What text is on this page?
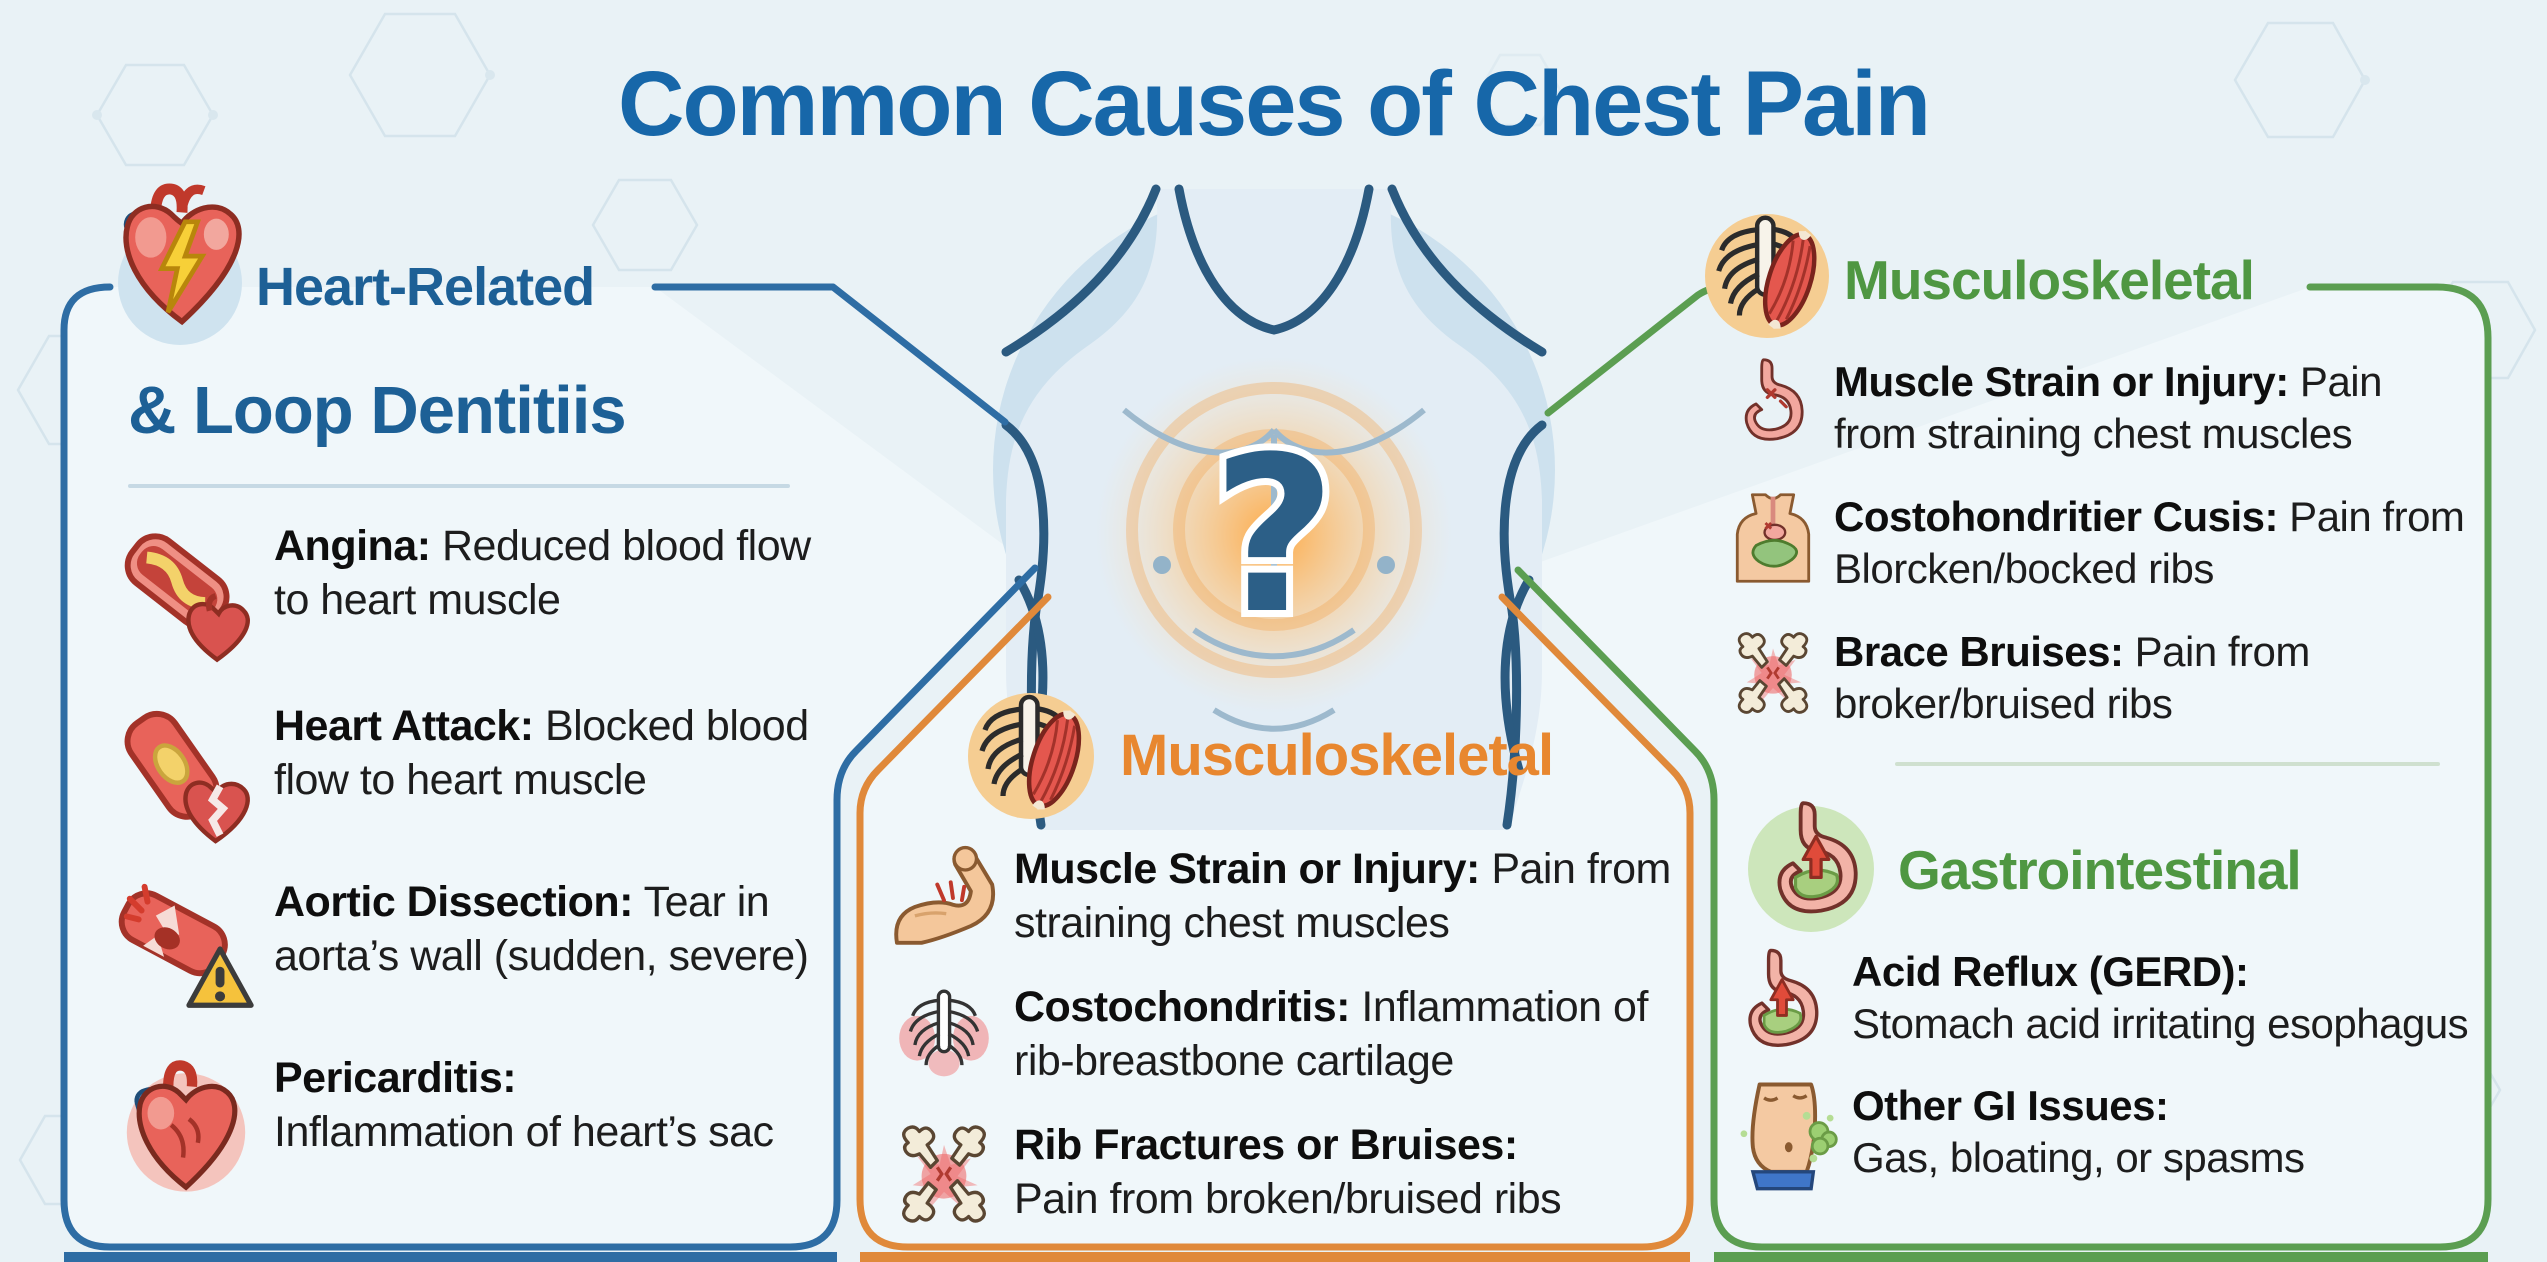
?
Common Causes of Chest Pain
Heart-Related
& Loop Dentitiis
Angina: Reduced blood flow to heart muscle
Heart Attack: Blocked blood flow to heart muscle
Aortic Dissection: Tear in aorta’s wall (sudden, severe)
Pericarditis:
Inflammation of heart’s sac
Musculoskeletal
Muscle Strain or Injury: Pain from straining chest muscles
Costochondritis: Inflammation of rib-breastbone cartilage
Rib Fractures or Bruises:
Pain from broken/bruised ribs
Musculoskeletal
Muscle Strain or Injury: Pain from straining chest muscles
Costohondritier Cusis: Pain from Blorcken/bocked ribs
Brace Bruises: Pain from broker/bruised ribs
Gastrointestinal
Acid Reflux (GERD):
Stomach acid irritating esophagus
Other GI Issues:
Gas, bloating, or spasms
